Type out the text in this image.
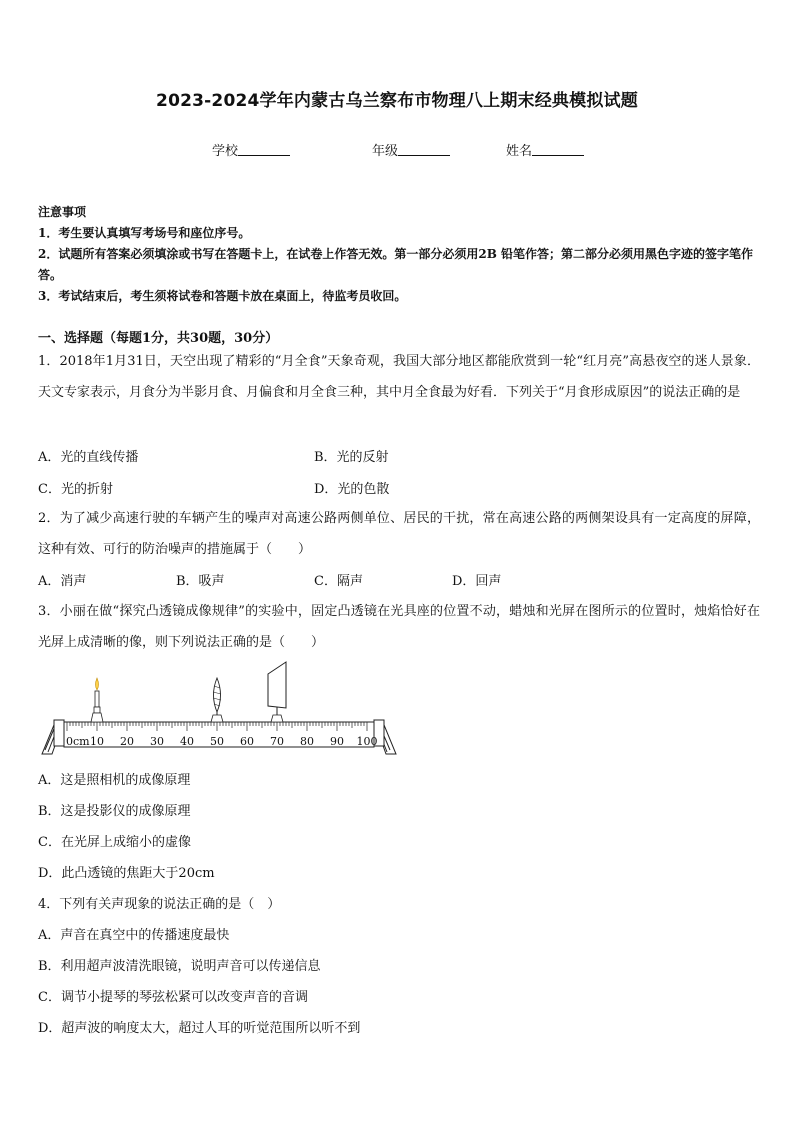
2023-2024学年内蒙古乌兰察布市物理八上期末经典模拟试题
学校	年级	姓名
注意事项
1．考生要认真填写考场号和座位序号。
2．试题所有答案必须填涂或书写在答题卡上，在试卷上作答无效。第一部分必须用2B 铅笔作答；第二部分必须用黑色字迹的签字笔作答。
3．考试结束后，考生须将试卷和答题卡放在桌面上，待监考员收回。
一、选择题（每题1分，共30题，30分）
1．2018年1月31日，天空出现了精彩的“月全食”天象奇观，我国大部分地区都能欣赏到一轮“红月亮”高悬夜空的迷人景象．天文专家表示，月食分为半影月食、月偏食和月全食三种，其中月全食最为好看．下列关于“月食形成原因”的说法正确的是
A．光的直线传播	B．光的反射
C．光的折射	D．光的色散
2．为了减少高速行驶的车辆产生的噪声对高速公路两侧单位、居民的干扰，常在高速公路的两侧架设具有一定高度的屏障，这种有效、可行的防治噪声的措施属于（　　）
A．消声	B．吸声	C．隔声	D．回声
3．小丽在做“探究凸透镜成像规律”的实验中，固定凸透镜在光具座的位置不动，蜡烛和光屏在图所示的位置时，烛焰恰好在光屏上成清晰的像，则下列说法正确的是（　　）
0cm 10 20 30 40 50 60 70 80 90 100
A．这是照相机的成像原理
B．这是投影仪的成像原理
C．在光屏上成缩小的虚像
D．此凸透镜的焦距大于20cm
4．下列有关声现象的说法正确的是（　）
A．声音在真空中的传播速度最快
B．利用超声波清洗眼镜，说明声音可以传递信息
C．调节小提琴的琴弦松紧可以改变声音的音调
D．超声波的响度太大，超过人耳的听觉范围所以听不到
